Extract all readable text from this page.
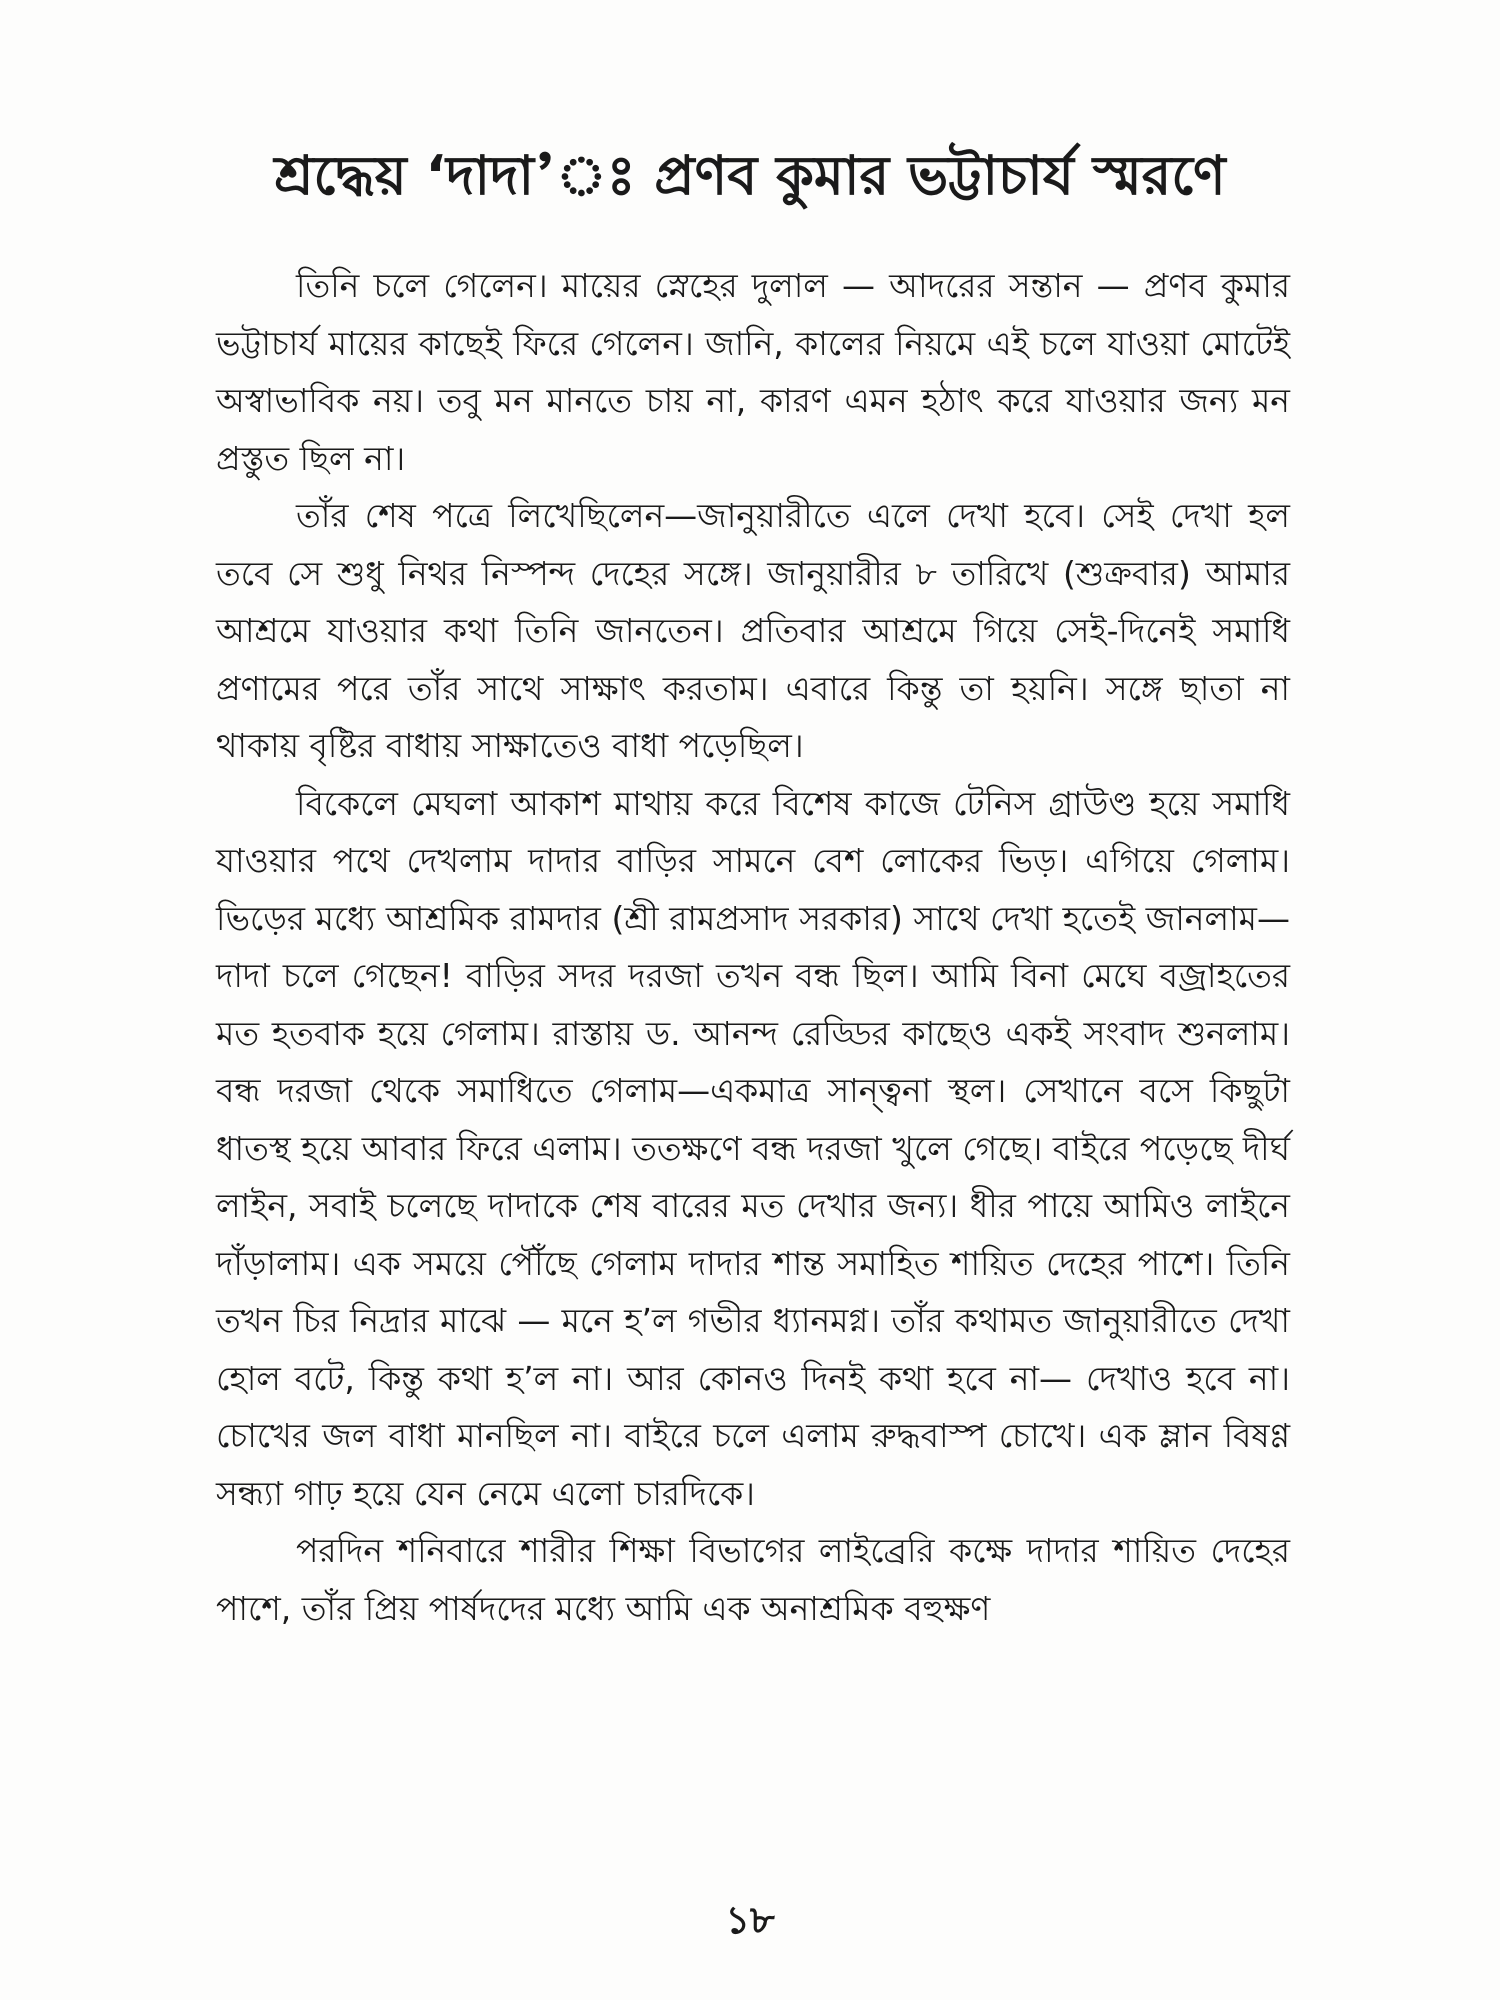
শ্রদ্ধেয় ‘দাদা’ঃ প্রণব কুমার ভট্টাচার্য স্মরণে

তিনি চলে গেলেন। মায়ের স্নেহের দুলাল — আদরের সন্তান — প্রণব কুমার ভট্টাচার্য মায়ের কাছেই ফিরে গেলেন। জানি, কালের নিয়মে এই চলে যাওয়া মোটেই অস্বাভাবিক নয়। তবু মন মানতে চায় না, কারণ এমন হঠাৎ করে যাওয়ার জন্য মন প্রস্তুত ছিল না।

তাঁর শেষ পত্রে লিখেছিলেন—জানুয়ারীতে এলে দেখা হবে। সেই দেখা হল তবে সে শুধু নিথর নিস্পন্দ দেহের সঙ্গে। জানুয়ারীর ৮ তারিখে (শুক্রবার) আমার আশ্রমে যাওয়ার কথা তিনি জানতেন। প্রতিবার আশ্রমে গিয়ে সেই-দিনেই সমাধি প্রণামের পরে তাঁর সাথে সাক্ষাৎ করতাম। এবারে কিন্তু তা হয়নি। সঙ্গে ছাতা না থাকায় বৃষ্টির বাধায় সাক্ষাতেও বাধা পড়েছিল।

বিকেলে মেঘলা আকাশ মাথায় করে বিশেষ কাজে টেনিস গ্রাউণ্ড হয়ে সমাধি যাওয়ার পথে দেখলাম দাদার বাড়ির সামনে বেশ লোকের ভিড়। এগিয়ে গেলাম। ভিড়ের মধ্যে আশ্রমিক রামদার (শ্রী রামপ্রসাদ সরকার) সাথে দেখা হতেই জানলাম—দাদা চলে গেছেন! বাড়ির সদর দরজা তখন বন্ধ ছিল। আমি বিনা মেঘে বজ্রাহতের মত হতবাক হয়ে গেলাম। রাস্তায় ড. আনন্দ রেড্ডির কাছেও একই সংবাদ শুনলাম। বন্ধ দরজা থেকে সমাধিতে গেলাম—একমাত্র সান্ত্বনা স্থল। সেখানে বসে কিছুটা ধাতস্থ হয়ে আবার ফিরে এলাম। ততক্ষণে বন্ধ দরজা খুলে গেছে। বাইরে পড়েছে দীর্ঘ লাইন, সবাই চলেছে দাদাকে শেষ বারের মত দেখার জন্য। ধীর পায়ে আমিও লাইনে দাঁড়ালাম। এক সময়ে পৌঁছে গেলাম দাদার শান্ত সমাহিত শায়িত দেহের পাশে। তিনি তখন চির নিদ্রার মাঝে — মনে হ’ল গভীর ধ্যানমগ্ন। তাঁর কথামত জানুয়ারীতে দেখা হোল বটে, কিন্তু কথা হ’ল না। আর কোনও দিনই কথা হবে না— দেখাও হবে না। চোখের জল বাধা মানছিল না। বাইরে চলে এলাম রুদ্ধবাস্প চোখে। এক ম্লান বিষণ্ণ সন্ধ্যা গাঢ় হয়ে যেন নেমে এলো চারদিকে।

পরদিন শনিবারে শারীর শিক্ষা বিভাগের লাইব্রেরি কক্ষে দাদার শায়িত দেহের পাশে, তাঁর প্রিয় পার্ষদদের মধ্যে আমি এক অনাশ্রমিক বহুক্ষণ

১৮
